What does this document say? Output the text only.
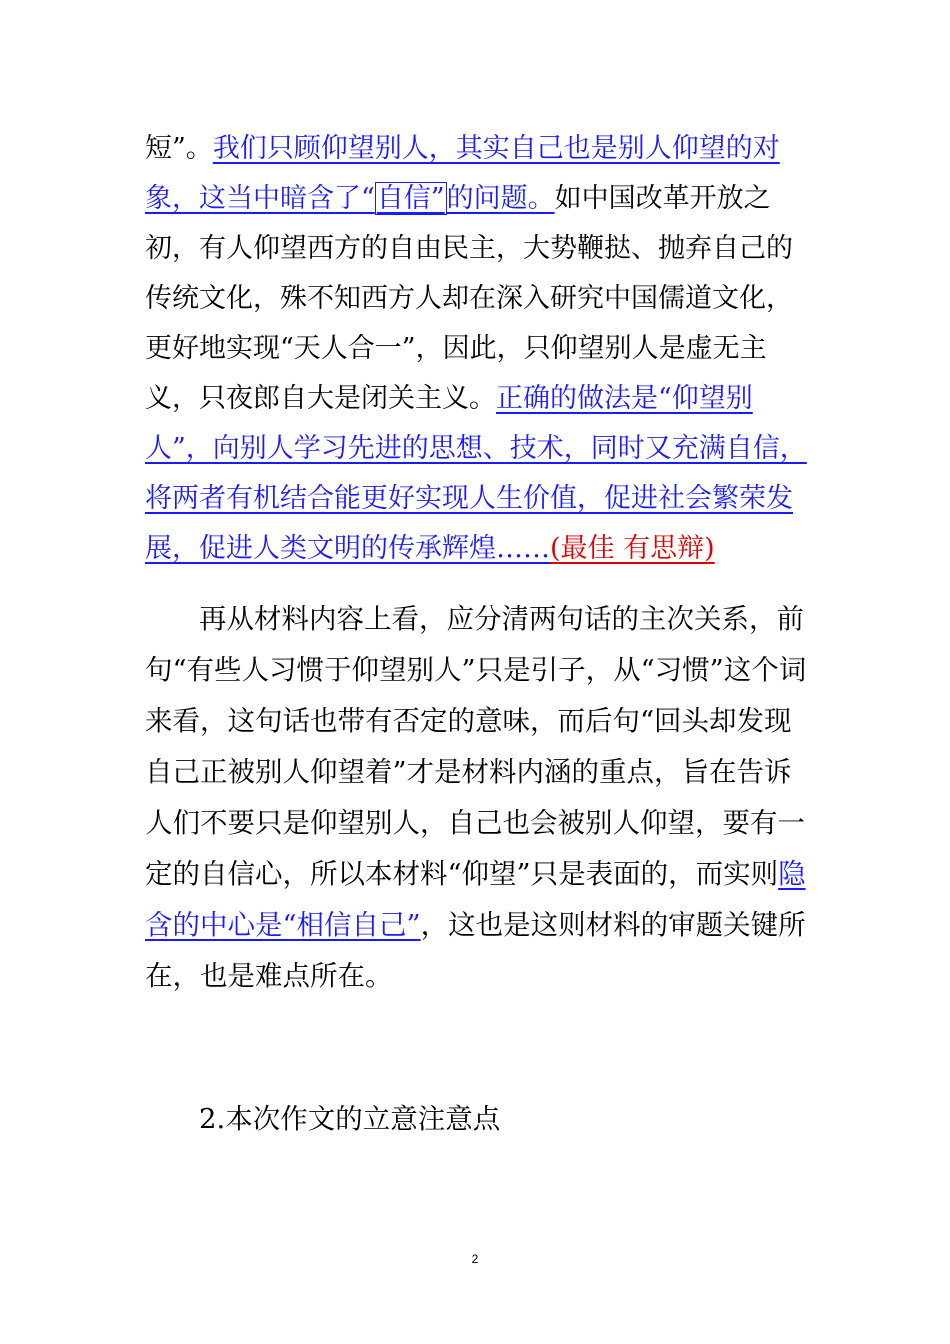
短”。我们只顾仰望别人，其实自己也是别人仰望的对象，这当中暗含了“自信”的问题。如中国改革开放之初，有人仰望西方的自由民主，大势鞭挞、抛弃自己的传统文化，殊不知西方人却在深入研究中国儒道文化，更好地实现“天人合一”，因此，只仰望别人是虚无主义，只夜郎自大是闭关主义。正确的做法是“仰望别人”，向别人学习先进的思想、技术，同时又充满自信，将两者有机结合能更好实现人生价值，促进社会繁荣发展，促进人类文明的传承辉煌……(最佳 有思辩)

再从材料内容上看，应分清两句话的主次关系，前句“有些人习惯于仰望别人”只是引子，从“习惯”这个词来看，这句话也带有否定的意味，而后句“回头却发现自己正被别人仰望着”才是材料内涵的重点，旨在告诉人们不要只是仰望别人，自己也会被别人仰望，要有一定的自信心，所以本材料“仰望”只是表面的，而实则隐含的中心是“相信自己”，这也是这则材料的审题关键所在，也是难点所在。

2.本次作文的立意注意点

2
